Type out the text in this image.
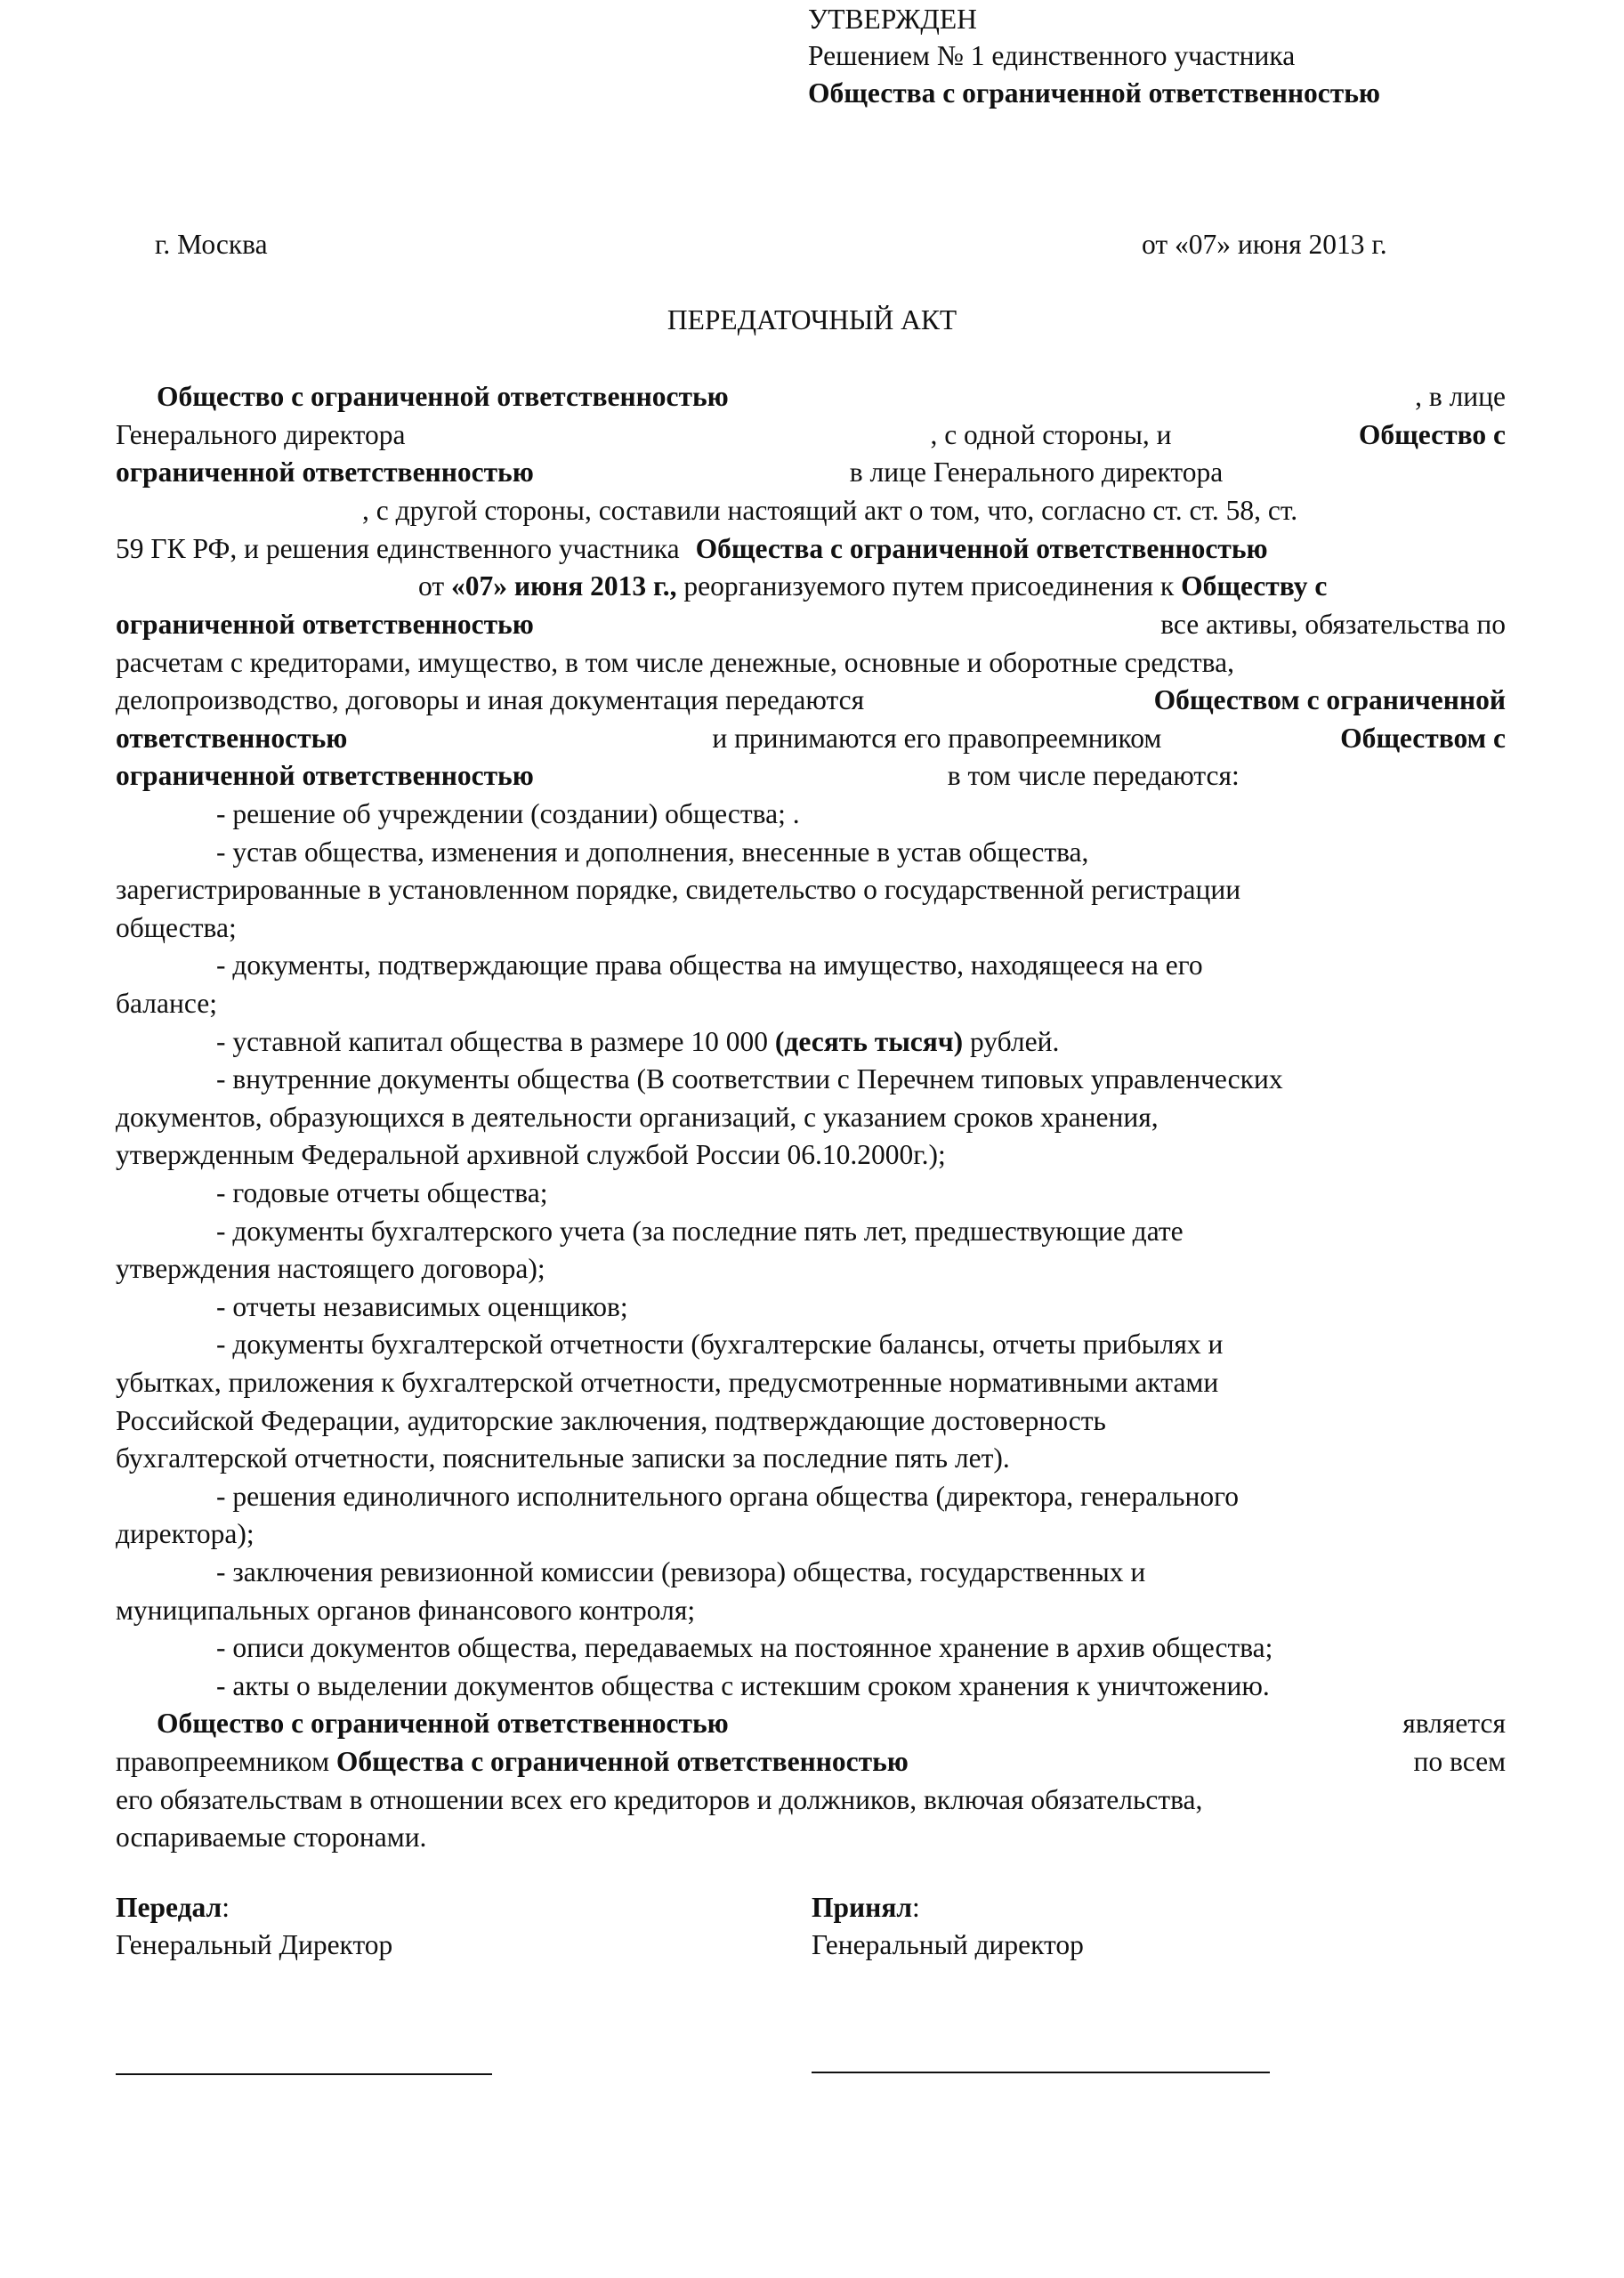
УТВЕРЖДЕН
Решением № 1 единственного участника
Общества с ограниченной ответственностью
г. Москва	от «07» июня 2013 г.
ПЕРЕДАТОЧНЫЙ АКТ
Общество с ограниченной ответственностью	, в лице
Генерального директора	, с одной стороны, и	Общество с
ограниченной ответственностью	в лице Генерального директора
, с другой стороны, составили настоящий акт о том, что, согласно ст. ст. 58, ст.
59 ГК РФ, и решения единственного участника Общества с ограниченной ответственностью
от «07» июня 2013 г., реорганизуемого путем присоединения к Обществу с
ограниченной ответственностью	все активы, обязательства по
расчетам с кредиторами, имущество, в том числе денежные, основные и оборотные средства,
делопроизводство, договоры и иная документация передаются	Обществом с ограниченной
ответственностью	и принимаются его правопреемником	Обществом с
ограниченной ответственностью	в том числе передаются:
- решение об учреждении (создании) общества; .
- устав общества, изменения и дополнения, внесенные в устав общества,
зарегистрированные в установленном порядке, свидетельство о государственной регистрации
общества;
- документы, подтверждающие права общества на имущество, находящееся на его
балансе;
- уставной капитал общества в размере 10 000 (десять тысяч) рублей.
- внутренние документы общества (В соответствии с Перечнем типовых управленческих
документов, образующихся в деятельности организаций, с указанием сроков хранения,
утвержденным Федеральной архивной службой России 06.10.2000г.);
- годовые отчеты общества;
- документы бухгалтерского учета (за последние пять лет, предшествующие дате
утверждения настоящего договора);
- отчеты независимых оценщиков;
- документы бухгалтерской отчетности (бухгалтерские балансы, отчеты прибылях и
убытках, приложения к бухгалтерской отчетности, предусмотренные нормативными актами
Российской Федерации, аудиторские заключения, подтверждающие достоверность
бухгалтерской отчетности, пояснительные записки за последние пять лет).
- решения единоличного исполнительного органа общества (директора, генерального
директора);
- заключения ревизионной комиссии (ревизора) общества, государственных и
муниципальных органов финансового контроля;
- описи документов общества, передаваемых на постоянное хранение в архив общества;
- акты о выделении документов общества с истекшим сроком хранения к уничтожению.
Общество с ограниченной ответственностью	является
правопреемником Общества с ограниченной ответственностью	по всем
его обязательствам в отношении всех его кредиторов и должников, включая обязательства,
оспариваемые сторонами.
Передал:
Генеральный Директор
Принял:
Генеральный директор
